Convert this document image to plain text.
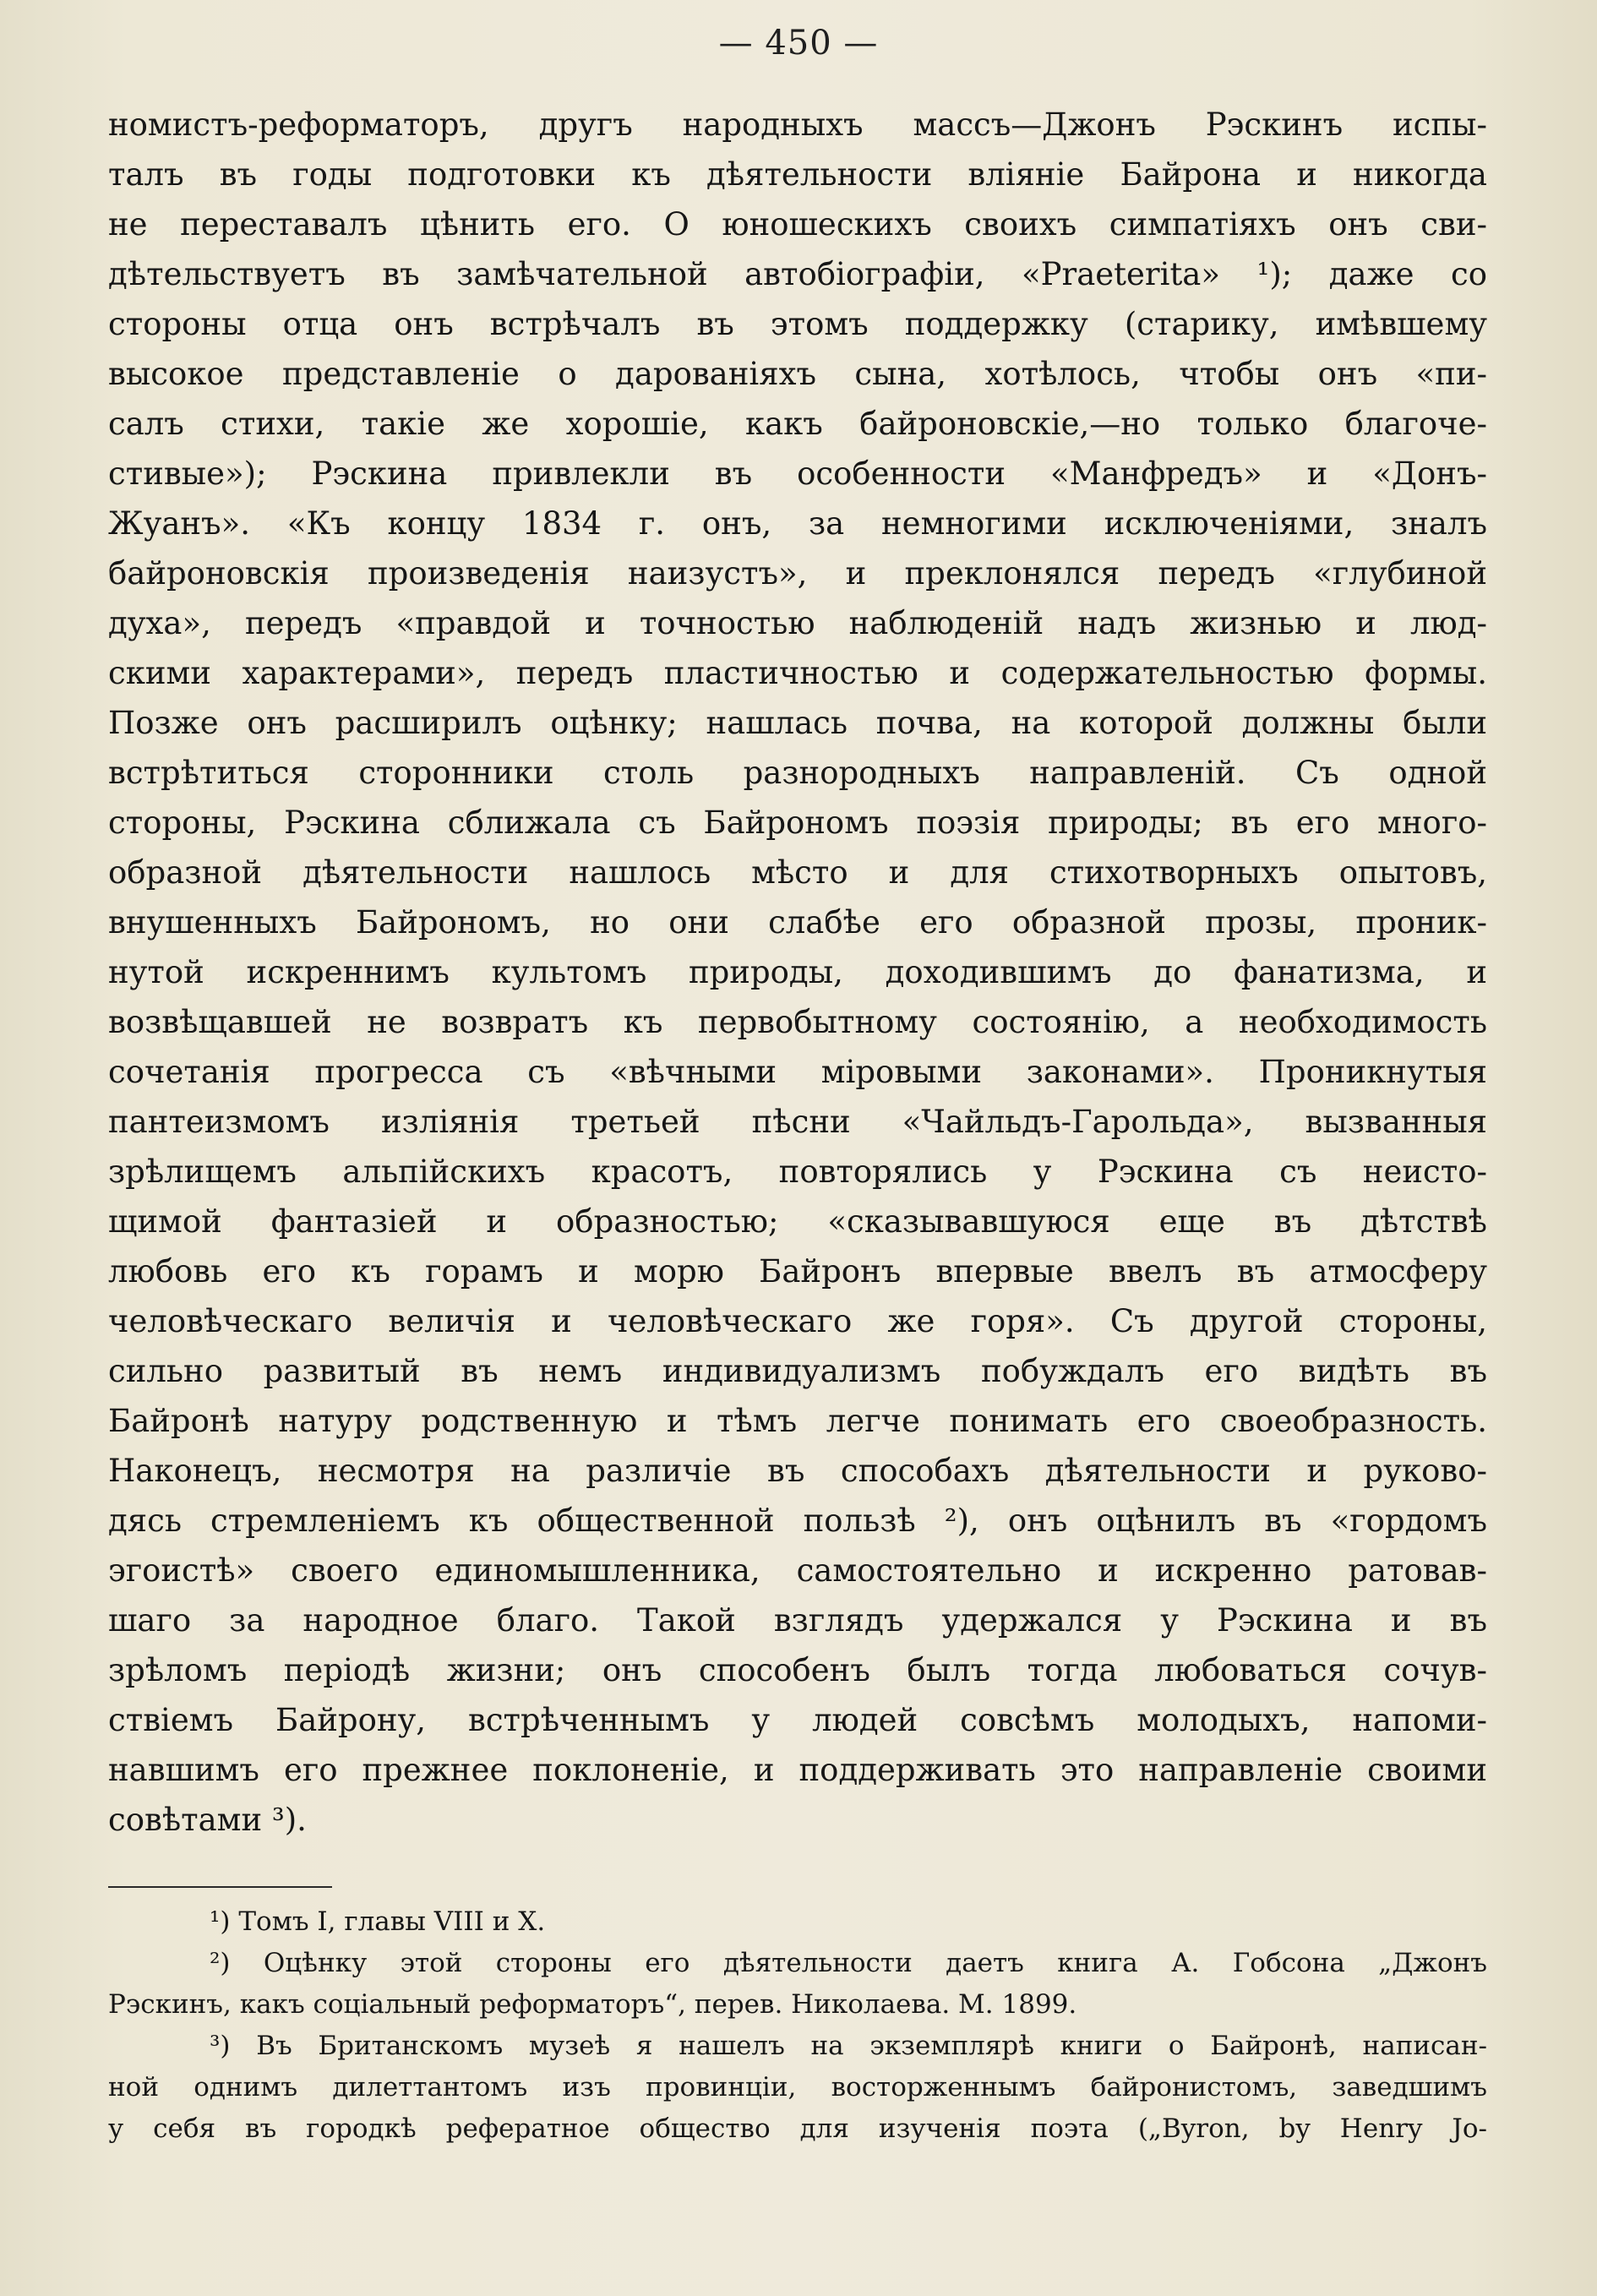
— 450 —
номистъ-реформаторъ, другъ народныхъ массъ—Джонъ Рэскинъ испы-
талъ въ годы подготовки къ дѣятельности влiянiе Байрона и никогда
не переставалъ цѣнить его. О юношескихъ своихъ симпатiяхъ онъ сви-
дѣтельствуетъ въ замѣчательной автобiографiи, «Praeterita» ¹); даже со
стороны отца онъ встрѣчалъ въ этомъ поддержку (старику, имѣвшему
высокое представленiе о дарованiяхъ сына, хотѣлось, чтобы онъ «пи-
салъ стихи, такiе же хорошiе, какъ байроновскiе,—но только благоче-
стивые»); Рэскина привлекли въ особенности «Манфредъ» и «Донъ-
Жуанъ». «Къ концу 1834 г. онъ, за немногими исключенiями, зналъ
байроновскiя произведенiя наизустъ», и преклонялся передъ «глубиной
духа», передъ «правдой и точностью наблюденiй надъ жизнью и люд-
скими характерами», передъ пластичностью и содержательностью формы.
Позже онъ расширилъ оцѣнку; нашлась почва, на которой должны были
встрѣтиться сторонники столь разнородныхъ направленiй. Съ одной
стороны, Рэскина сближала съ Байрономъ поэзiя природы; въ его много-
образной дѣятельности нашлось мѣсто и для стихотворныхъ опытовъ,
внушенныхъ Байрономъ, но они слабѣе его образной прозы, проник-
нутой искреннимъ культомъ природы, доходившимъ до фанатизма, и
возвѣщавшей не возвратъ къ первобытному состоянiю, а необходимость
сочетанiя прогресса съ «вѣчными мiровыми законами». Проникнутыя
пантеизмомъ излiянiя третьей пѣсни «Чайльдъ-Гарольда», вызванныя
зрѣлищемъ альпiйскихъ красотъ, повторялись у Рэскина съ неисто-
щимой фантазiей и образностью; «сказывавшуюся еще въ дѣтствѣ
любовь его къ горамъ и морю Байронъ впервые ввелъ въ атмосферу
человѣческаго величiя и человѣческаго же горя». Съ другой стороны,
сильно развитый въ немъ индивидуализмъ побуждалъ его видѣть въ
Байронѣ натуру родственную и тѣмъ легче понимать его своеобразность.
Наконецъ, несмотря на различiе въ способахъ дѣятельности и руково-
дясь стремленiемъ къ общественной пользѣ ²), онъ оцѣнилъ въ «гордомъ
эгоистѣ» своего единомышленника, самостоятельно и искренно ратовав-
шаго за народное благо. Такой взглядъ удержался у Рэскина и въ
зрѣломъ перiодѣ жизни; онъ способенъ былъ тогда любоваться сочув-
ствiемъ Байрону, встрѣченнымъ у людей совсѣмъ молодыхъ, напоми-
навшимъ его прежнее поклоненiе, и поддерживать это направленiе своими
совѣтами ³).
¹) Томъ I, главы VIII и X.
²) Оцѣнку этой стороны его дѣятельности даетъ книга А. Гобсона „Джонъ
Рэскинъ, какъ соцiальный реформаторъ“, перев. Николаева. М. 1899.
³) Въ Британскомъ музеѣ я нашелъ на экземплярѣ книги о Байронѣ, написан-
ной однимъ дилеттантомъ изъ провинцiи, восторженнымъ байронистомъ, заведшимъ
у себя въ городкѣ рефератное общество для изученiя поэта („Byron, by Henry Jo-
